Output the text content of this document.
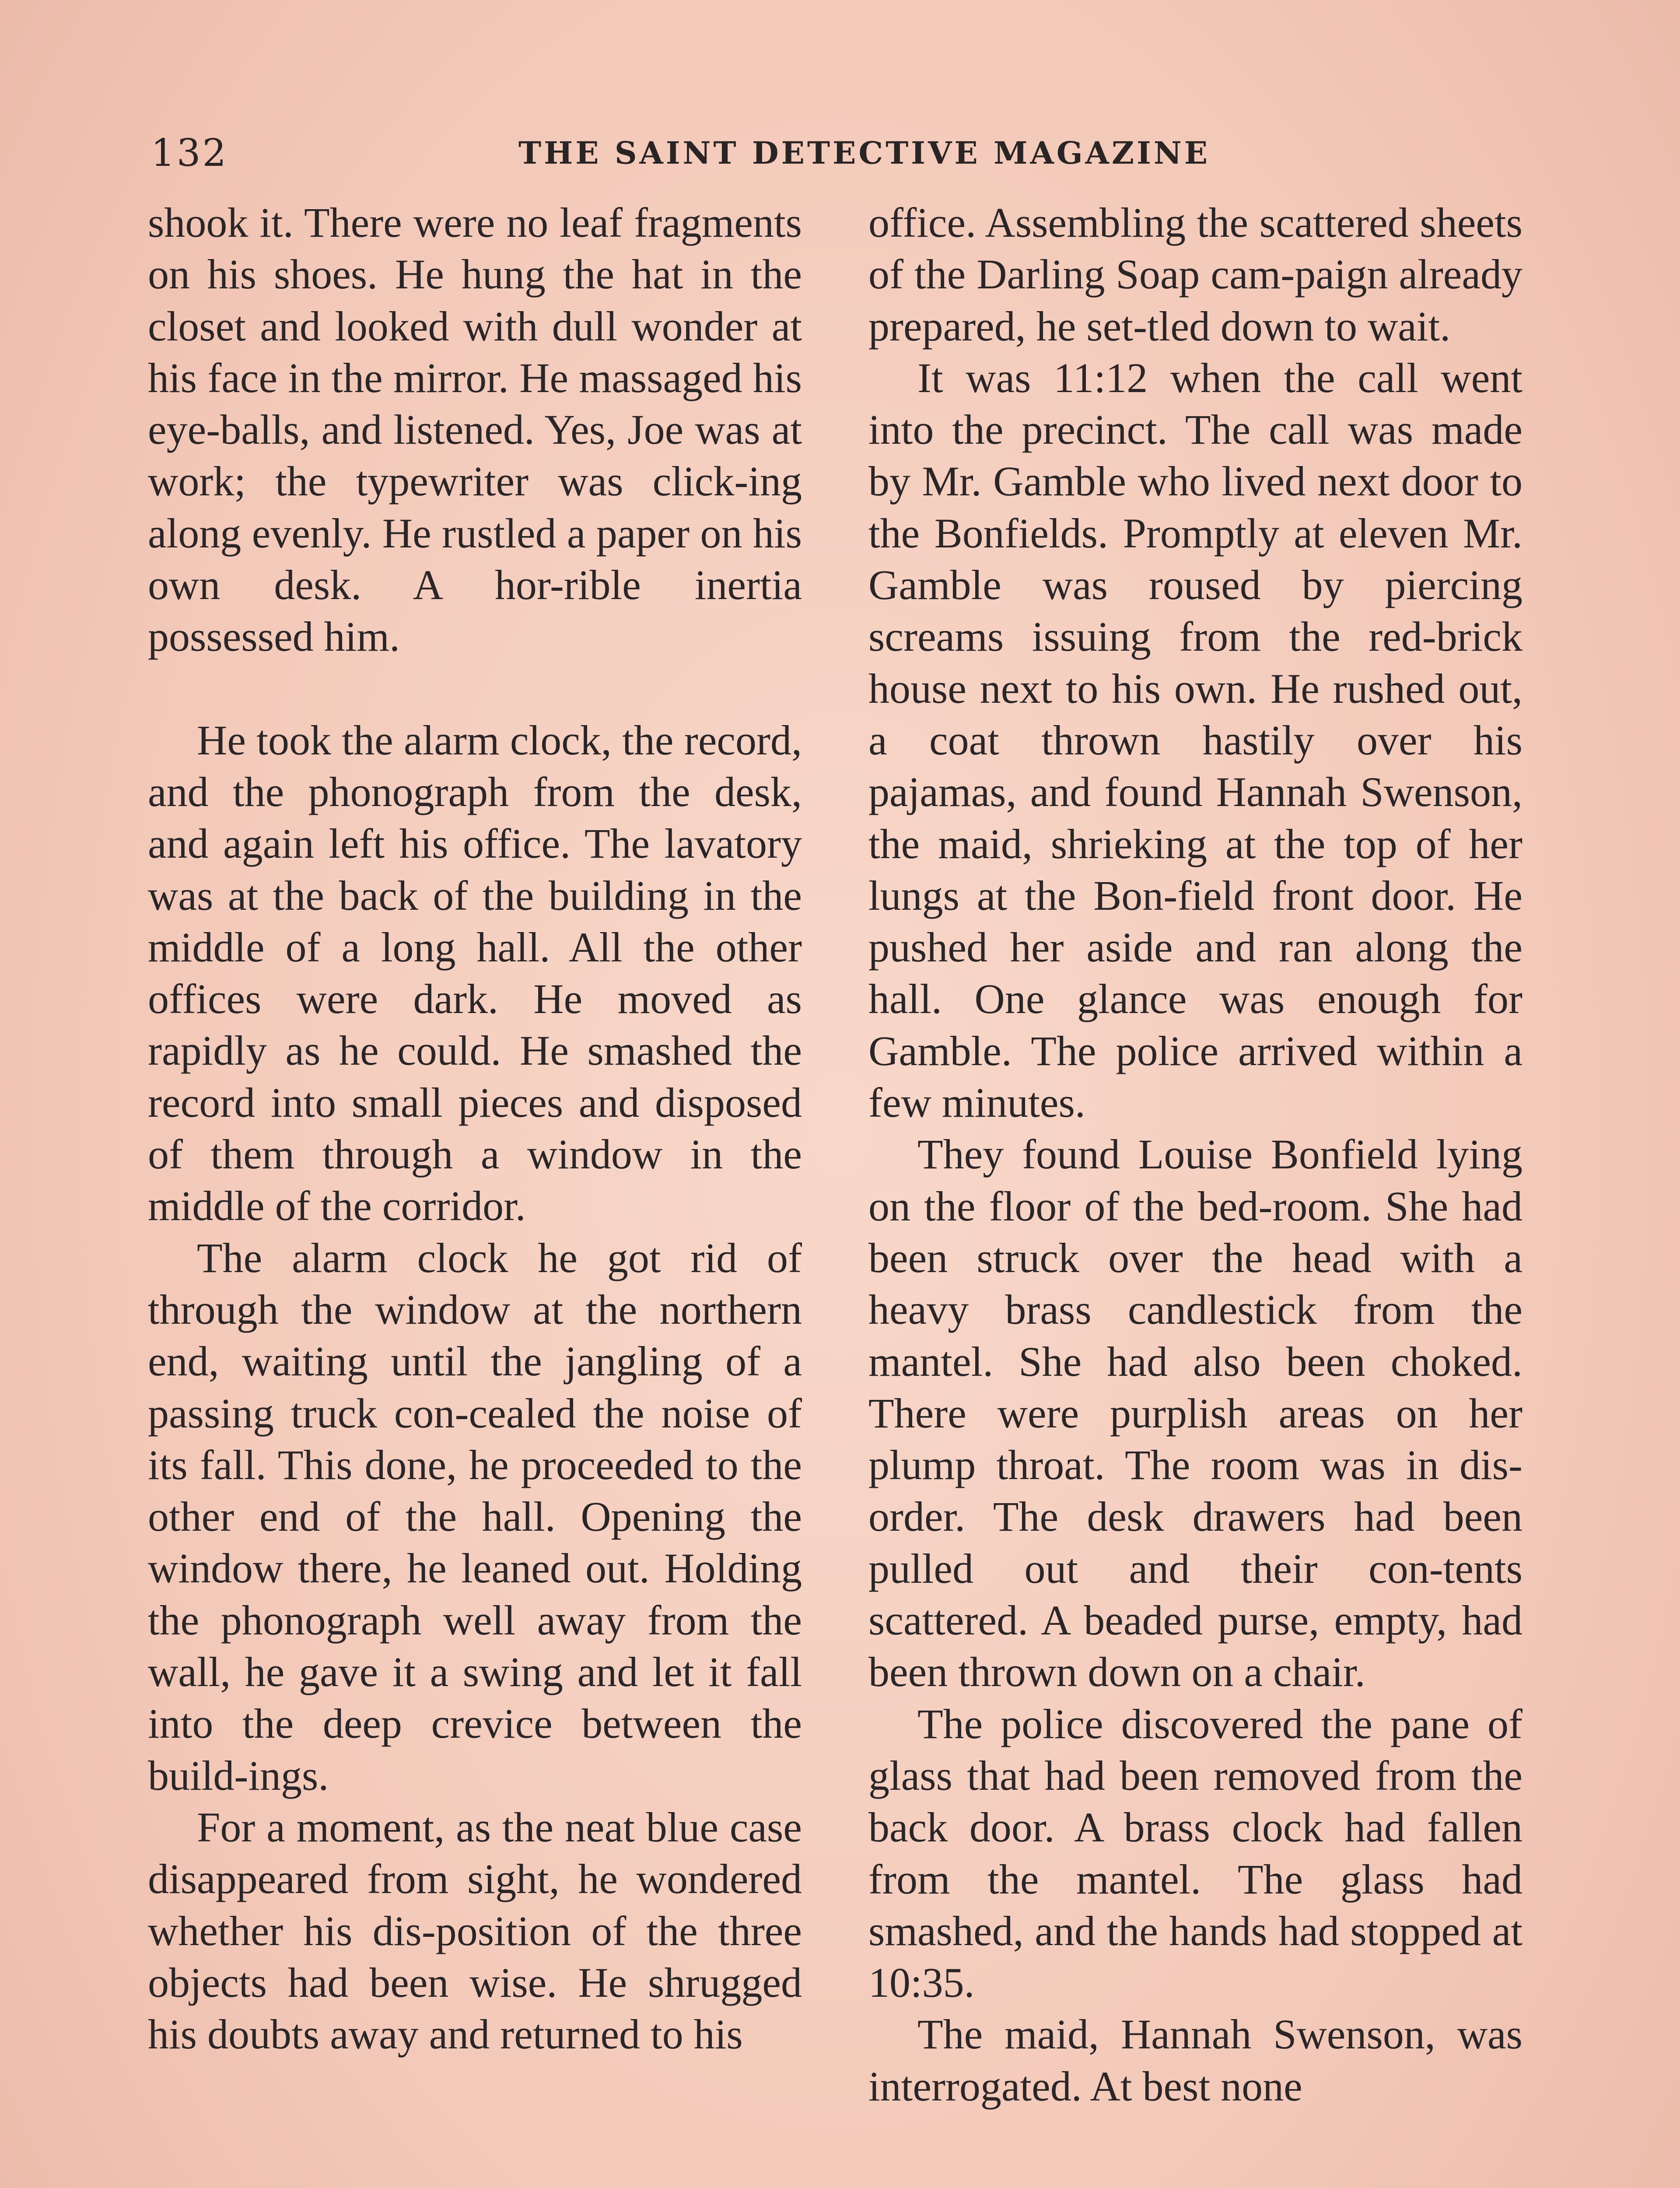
132	THE SAINT DETECTIVE MAGAZINE

shook it. There were no leaf fragments on his shoes. He hung the hat in the closet and looked with dull wonder at his face in the mirror. He massaged his eye-balls, and listened. Yes, Joe was at work; the typewriter was click-ing along evenly. He rustled a paper on his own desk. A hor-rible inertia possessed him.

He took the alarm clock, the record, and the phonograph from the desk, and again left his office. The lavatory was at the back of the building in the middle of a long hall. All the other offices were dark. He moved as rapidly as he could. He smashed the record into small pieces and disposed of them through a window in the middle of the corridor.

The alarm clock he got rid of through the window at the northern end, waiting until the jangling of a passing truck con-cealed the noise of its fall. This done, he proceeded to the other end of the hall. Opening the window there, he leaned out. Holding the phonograph well away from the wall, he gave it a swing and let it fall into the deep crevice between the build-ings.

For a moment, as the neat blue case disappeared from sight, he wondered whether his dis-position of the three objects had been wise. He shrugged his doubts away and returned to his

office. Assembling the scattered sheets of the Darling Soap cam-paign already prepared, he set-tled down to wait.

It was 11:12 when the call went into the precinct. The call was made by Mr. Gamble who lived next door to the Bonfields. Promptly at eleven Mr. Gamble was roused by piercing screams issuing from the red-brick house next to his own. He rushed out, a coat thrown hastily over his pajamas, and found Hannah Swenson, the maid, shrieking at the top of her lungs at the Bon-field front door. He pushed her aside and ran along the hall. One glance was enough for Gamble. The police arrived within a few minutes.

They found Louise Bonfield lying on the floor of the bed-room. She had been struck over the head with a heavy brass candlestick from the mantel. She had also been choked. There were purplish areas on her plump throat. The room was in dis-order. The desk drawers had been pulled out and their con-tents scattered. A beaded purse, empty, had been thrown down on a chair.

The police discovered the pane of glass that had been removed from the back door. A brass clock had fallen from the mantel. The glass had smashed, and the hands had stopped at 10:35.

The maid, Hannah Swenson, was interrogated. At best none
